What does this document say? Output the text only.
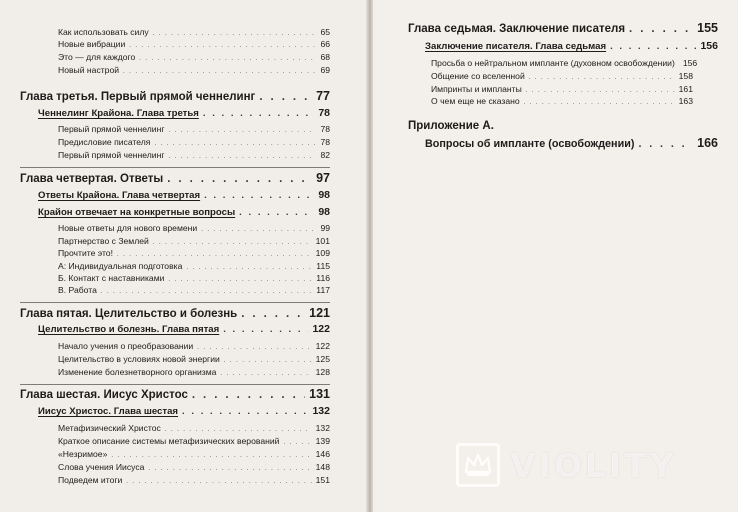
Как использовать силу . . .	65
Новые вибрации . . .	66
Это — для каждого . . .	68
Новый настрой . . .	69
Глава третья. Первый прямой ченнелинг . . .	77
Ченнелинг Крайона. Глава третья . . .	78
Первый прямой ченнелинг . . .	78
Предисловие писателя . . .	78
Первый прямой ченнелинг . . .	82
Глава четвертая. Ответы . . .	97
Ответы Крайона. Глава четвертая . . .	98
Крайон отвечает на конкретные вопросы . . .	98
Новые ответы для нового времени . . .	99
Партнерство с Землей . . .	101
Прочтите это! . . .	109
А: Индивидуальная подготовка . . .	115
Б. Контакт с наставниками . . .	116
В. Работа . . .	117
Глава пятая. Целительство и болезнь . . .	121
Целительство и болезнь. Глава пятая . . .	122
Начало учения о преобразовании . . .	122
Целительство в условиях новой энергии . . .	125
Изменение болезнетворного организма . . .	128
Глава шестая. Иисус Христос . . .	131
Иисус Христос. Глава шестая . . .	132
Метафизический Христос . . .	132
Краткое описание системы метафизических верований . . .	139
«Незримое» . . .	146
Слова учения Иисуса . . .	148
Подведем итоги . . .	151
Глава седьмая. Заключение писателя . . .	155
Заключение писателя. Глава седьмая . . .	156
Просьба о нейтральном импланте (духовном освобождении) 156
Общение со вселенной . . .	158
Импринты и импланты . . .	161
О чем еще не сказано . . .	163
Приложение А.
Вопросы об импланте (освобождении) . . .	166
VIOLITY
